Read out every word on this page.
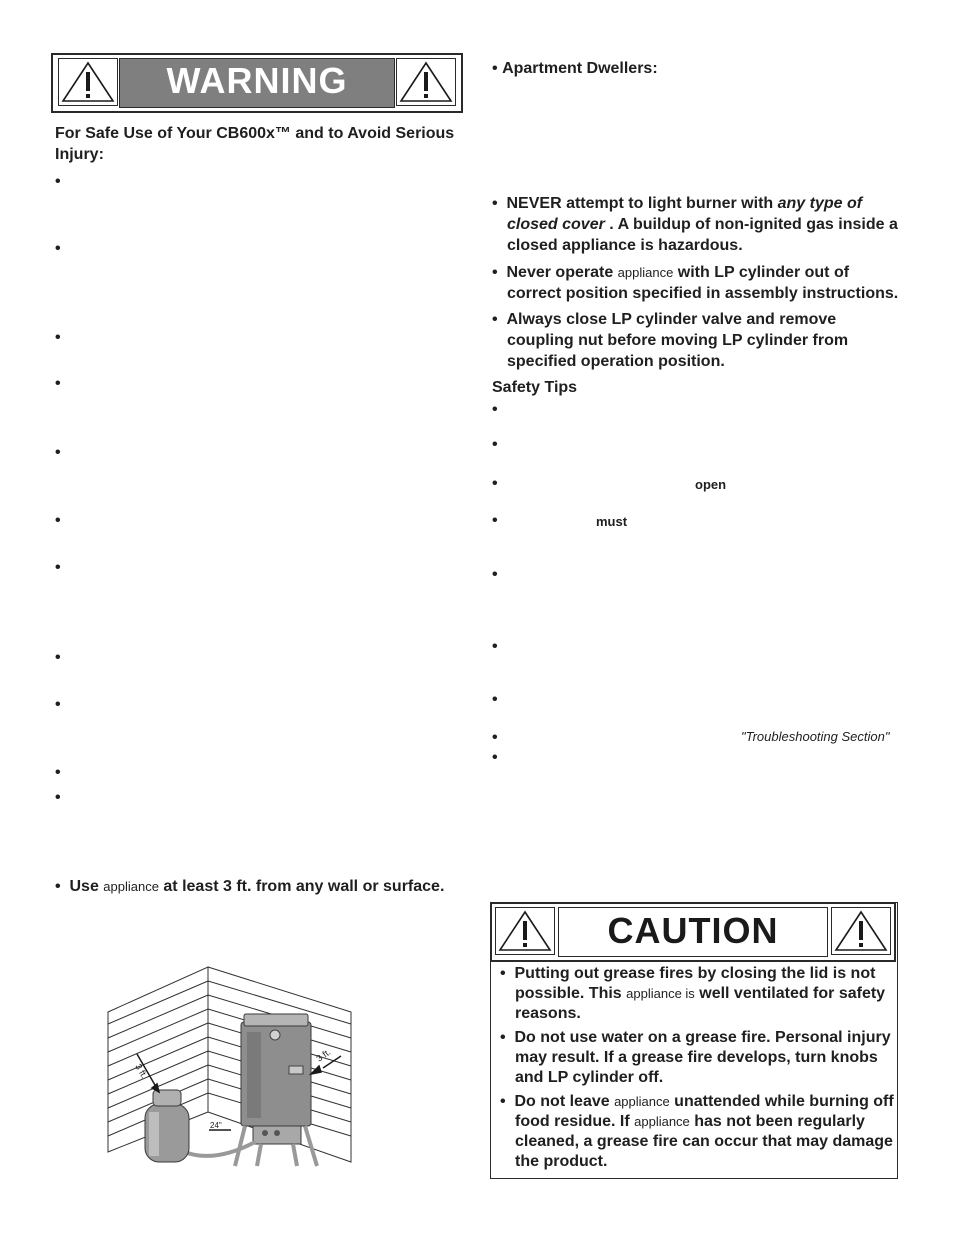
WARNING
For Safe Use of Your CB600x™ and to Avoid Serious Injury:
•
•
•
•
•
•
•
•
•
•
•
• Use appliance at least 3 ft. from any wall or surface.
3 ft.
3 ft.
24"
• Apartment Dwellers:
• NEVER attempt to light burner with any type of closed cover . A buildup of non-ignited gas inside a closed appliance is hazardous.
• Never operate appliance with LP cylinder out of correct position specified in assembly instructions.
• Always close LP cylinder valve and remove coupling nut before moving LP cylinder from specified operation position.
Safety Tips
•
•
•	open
•	must
•
•
•
•	"Troubleshooting Section"
•
CAUTION
• Putting out grease fires by closing the lid is not possible. This appliance is well ventilated for safety reasons.
• Do not use water on a grease fire. Personal injury may result. If a grease fire develops, turn knobs and LP cylinder off.
• Do not leave appliance unattended while burning off food residue. If appliance has not been regularly cleaned, a grease fire can occur that may damage the product.
